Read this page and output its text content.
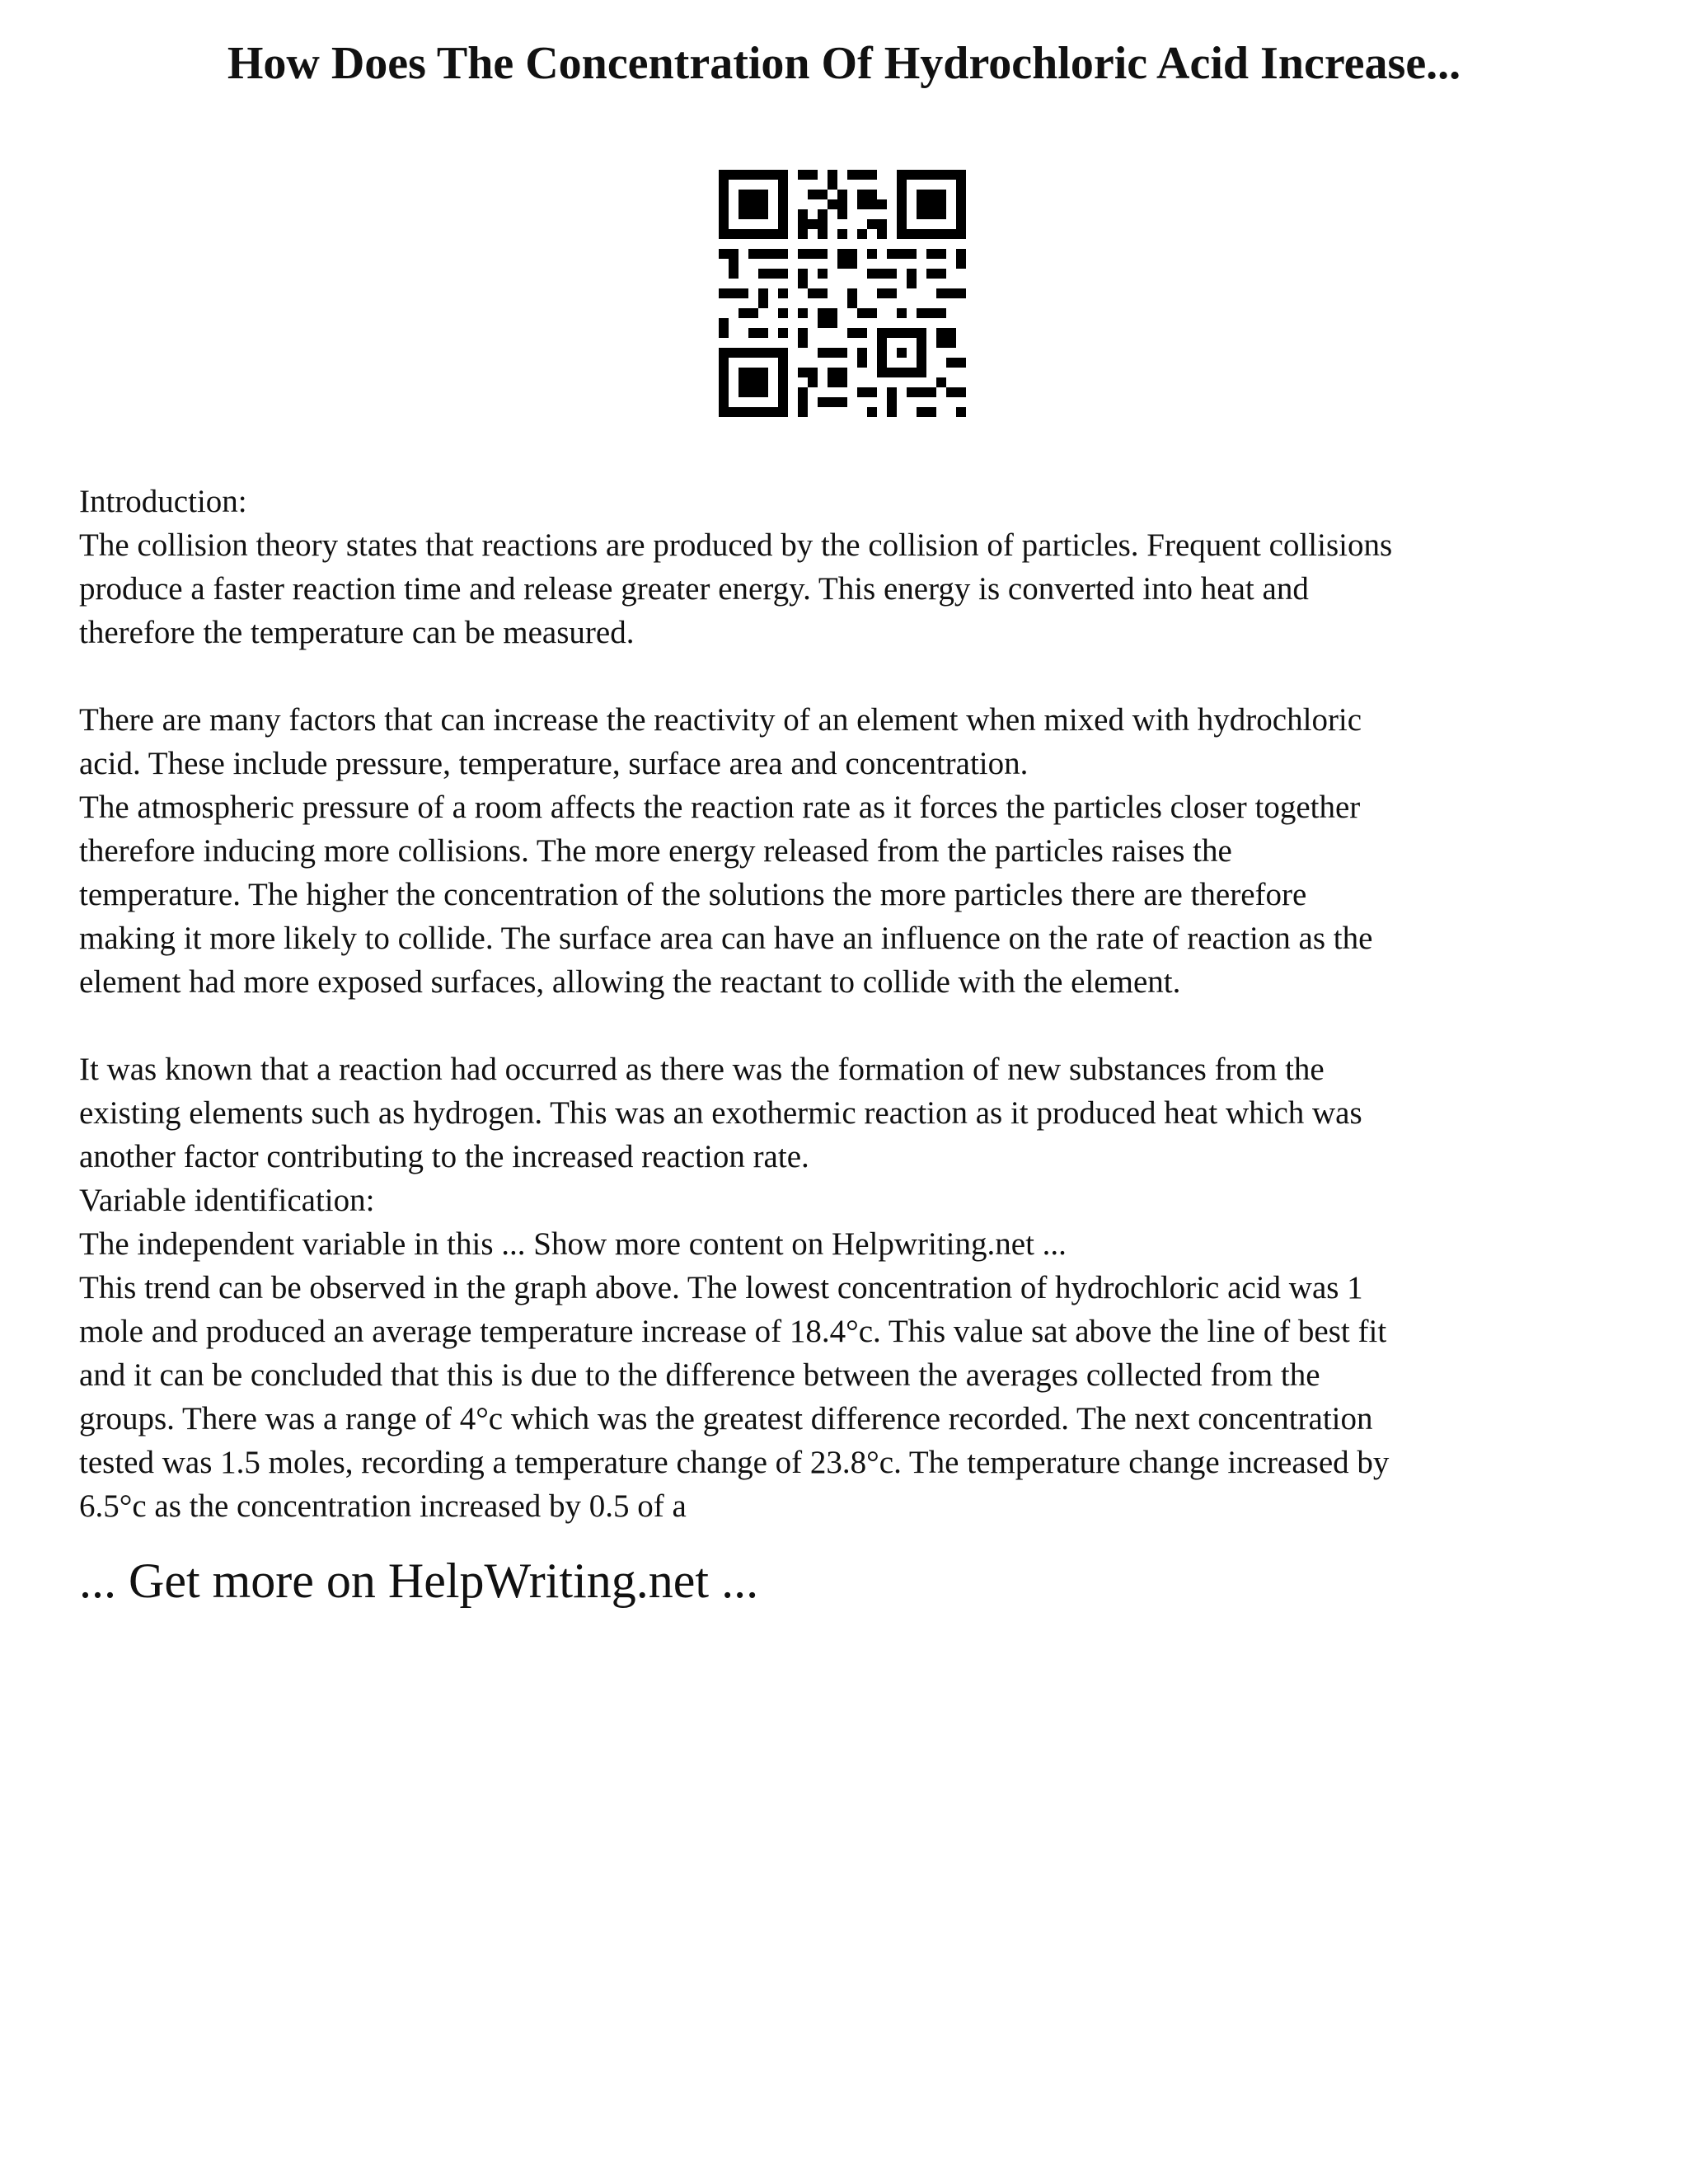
How Does The Concentration Of Hydrochloric Acid Increase...
Introduction:
The collision theory states that reactions are produced by the collision of particles. Frequent collisions
produce a faster reaction time and release greater energy. This energy is converted into heat and
therefore the temperature can be measured.
There are many factors that can increase the reactivity of an element when mixed with hydrochloric
acid. These include pressure, temperature, surface area and concentration.
The atmospheric pressure of a room affects the reaction rate as it forces the particles closer together
therefore inducing more collisions. The more energy released from the particles raises the
temperature. The higher the concentration of the solutions the more particles there are therefore
making it more likely to collide. The surface area can have an influence on the rate of reaction as the
element had more exposed surfaces, allowing the reactant to collide with the element.
It was known that a reaction had occurred as there was the formation of new substances from the
existing elements such as hydrogen. This was an exothermic reaction as it produced heat which was
another factor contributing to the increased reaction rate.
Variable identification:
The independent variable in this ... Show more content on Helpwriting.net ...
This trend can be observed in the graph above. The lowest concentration of hydrochloric acid was 1
mole and produced an average temperature increase of 18.4°c. This value sat above the line of best fit
and it can be concluded that this is due to the difference between the averages collected from the
groups. There was a range of 4°c which was the greatest difference recorded. The next concentration
tested was 1.5 moles, recording a temperature change of 23.8°c. The temperature change increased by
6.5°c as the concentration increased by 0.5 of a
... Get more on HelpWriting.net ...
